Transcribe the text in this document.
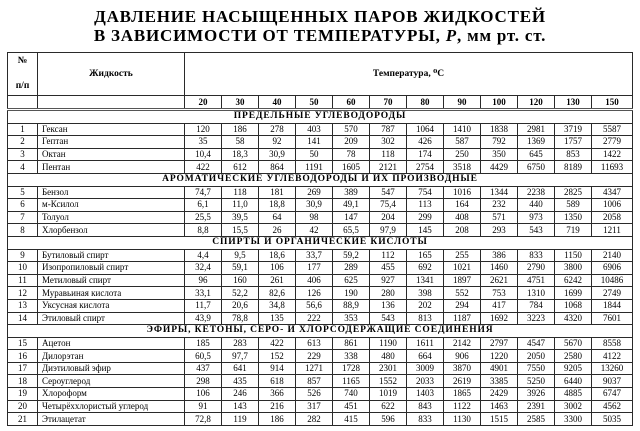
ДАВЛЕНИЕ НАСЫЩЕННЫХ ПАРОВ ЖИДКОСТЕЙ
В ЗАВИСИМОСТИ ОТ ТЕМПЕРАТУРЫ, Р, мм рт. ст.
№
п/п	Жидкость	Температура, ⁰С											
		20	30	40	50	60	70	80	90	100	120	130	150
ПРЕДЕЛЬНЫЕ УГЛЕВОДОРОДЫ													
1	Гексан	120	186	278	403	570	787	1064	1410	1838	2981	3719	5587
2	Гептан	35	58	92	141	209	302	426	587	792	1369	1757	2779
3	Октан	10,4	18,3	30,9	50	78	118	174	250	350	645	853	1422
4	Пентан	422	612	864	1191	1605	2121	2754	3518	4429	6750	8189	11693
АРОМАТИЧЕСКИЕ УГЛЕВОДОРОДЫ И ИХ ПРОИЗВОДНЫЕ													
5	Бензол	74,7	118	181	269	389	547	754	1016	1344	2238	2825	4347
6	м-Ксилол	6,1	11,0	18,8	30,9	49,1	75,4	113	164	232	440	589	1006
7	Толуол	25,5	39,5	64	98	147	204	299	408	571	973	1350	2058
8	Хлорбензол	8,8	15,5	26	42	65,5	97,9	145	208	293	543	719	1211
СПИРТЫ И ОРГАНИЧЕСКИЕ КИСЛОТЫ													
9	Бутиловый спирт	4,4	9,5	18,6	33,7	59,2	112	165	255	386	833	1150	2140
10	Изопропиловый спирт	32,4	59,1	106	177	289	455	692	1021	1460	2790	3800	6906
11	Метиловый спирт	96	160	261	406	625	927	1341	1897	2621	4751	6242	10486
12	Муравьиная кислота	33,1	52,2	82,6	126	190	280	398	552	753	1310	1699	2749
13	Уксусная кислота	11,7	20,6	34,8	56,6	88,9	136	202	294	417	784	1068	1844
14	Этиловый спирт	43,9	78,8	135	222	353	543	813	1187	1692	3223	4320	7601
ЭФИРЫ, КЕТОНЫ, СЕРО- И ХЛОРСОДЕРЖАЩИЕ СОЕДИНЕНИЯ													
15	Ацетон	185	283	422	613	861	1190	1611	2142	2797	4547	5670	8558
16	Дилорэтан	60,5	97,7	152	229	338	480	664	906	1220	2050	2580	4122
17	Диэтиловый эфир	437	641	914	1271	1728	2301	3009	3870	4901	7550	9205	13260
18	Сероуглерод	298	435	618	857	1165	1552	2033	2619	3385	5250	6440	9037
19	Хлороформ	106	246	366	526	740	1019	1403	1865	2429	3926	4885	6747
20	Четырёххлористый углерод	91	143	216	317	451	622	843	1122	1463	2391	3002	4562
21	Этилацетат	72,8	119	186	282	415	596	833	1130	1515	2585	3300	5035
